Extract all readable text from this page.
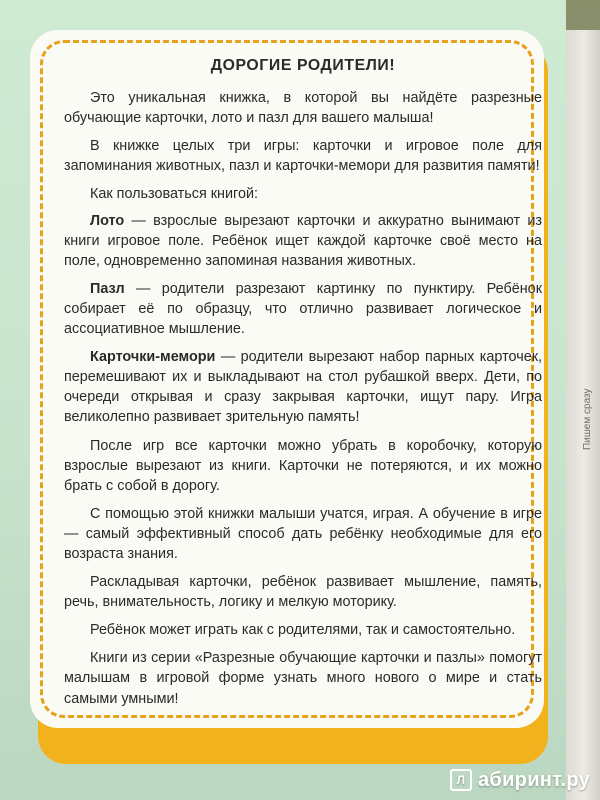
Пишем сразу
ДОРОГИЕ РОДИТЕЛИ!

Это уникальная книжка, в которой вы найдёте разрезные обучающие карточки, лото и пазл для вашего малыша!

В книжке целых три игры: карточки и игровое поле для запоминания животных, пазл и карточки-мемори для развития памяти!

Как пользоваться книгой:

Лото — взрослые вырезают карточки и аккуратно вынимают из книги игровое поле. Ребёнок ищет каждой карточке своё место на поле, одновременно запоминая названия животных.

Пазл — родители разрезают картинку по пунктиру. Ребёнок собирает её по образцу, что отлично развивает логическое и ассоциативное мышление.

Карточки-мемори — родители вырезают набор парных карточек, перемешивают их и выкладывают на стол рубашкой вверх. Дети, по очереди открывая и сразу закрывая карточки, ищут пару. Игра великолепно развивает зрительную память!

После игр все карточки можно убрать в коробочку, которую взрослые вырезают из книги. Карточки не потеряются, и их можно брать с собой в дорогу.

С помощью этой книжки малыши учатся, играя. А обучение в игре — самый эффективный способ дать ребёнку необходимые для его возраста знания.

Раскладывая карточки, ребёнок развивает мышление, память, речь, внимательность, логику и мелкую моторику.

Ребёнок может играть как с родителями, так и самостоятельно.

Книги из серии «Разрезные обучающие карточки и пазлы» помогут малышам в игровой форме узнать много нового о мире и стать самыми умными!

Л абиринт.ру
